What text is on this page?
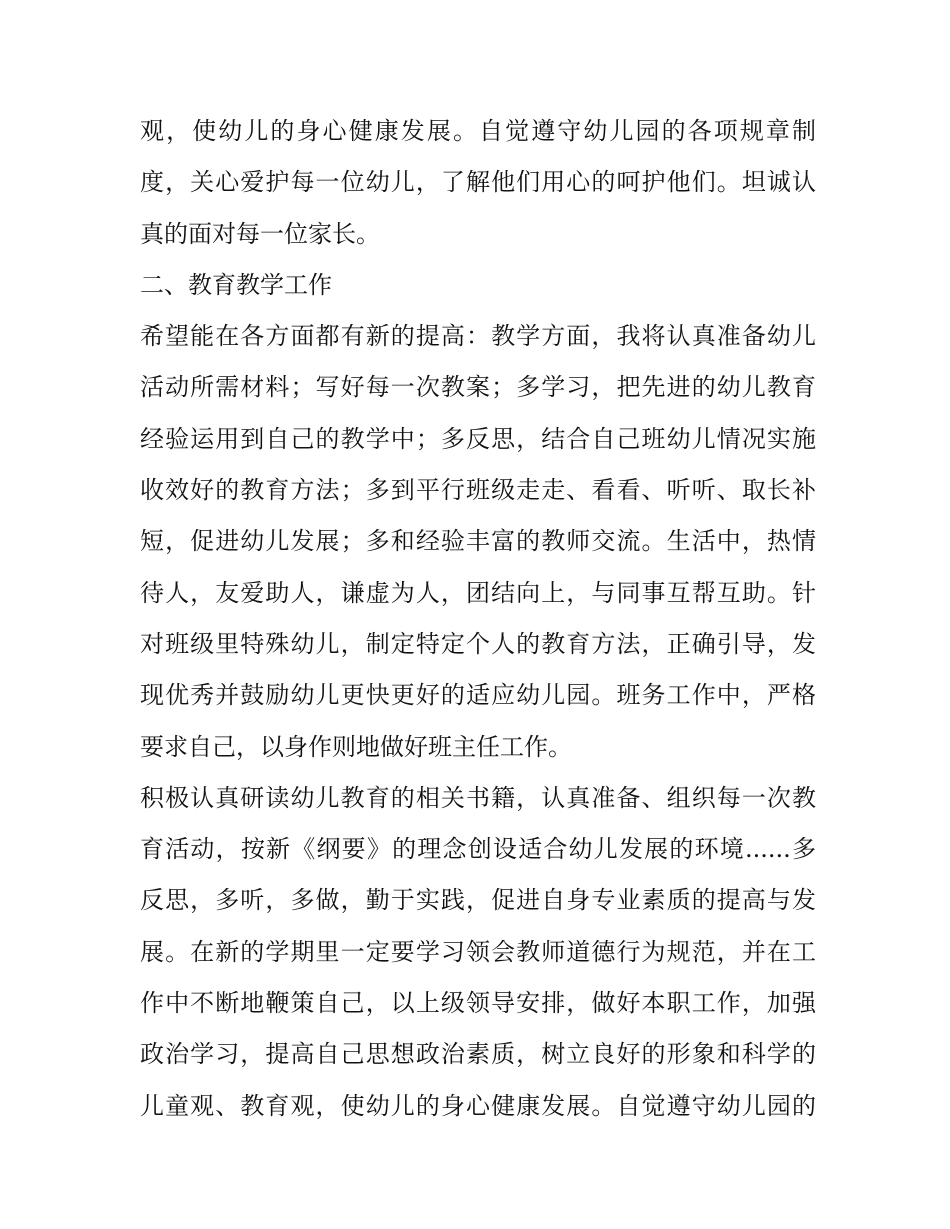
观，使幼儿的身心健康发展。自觉遵守幼儿园的各项规章制
度，关心爱护每一位幼儿，了解他们用心的呵护他们。坦诚认
真的面对每一位家长。
二、教育教学工作
希望能在各方面都有新的提高：教学方面，我将认真准备幼儿
活动所需材料；写好每一次教案；多学习，把先进的幼儿教育
经验运用到自己的教学中；多反思，结合自己班幼儿情况实施
收效好的教育方法；多到平行班级走走、看看、听听、取长补
短，促进幼儿发展；多和经验丰富的教师交流。生活中，热情
待人，友爱助人，谦虚为人，团结向上，与同事互帮互助。针
对班级里特殊幼儿，制定特定个人的教育方法，正确引导，发
现优秀并鼓励幼儿更快更好的适应幼儿园。班务工作中，严格
要求自己，以身作则地做好班主任工作。
积极认真研读幼儿教育的相关书籍，认真准备、组织每一次教
育活动，按新《纲要》的理念创设适合幼儿发展的环境......多
反思，多听，多做，勤于实践，促进自身专业素质的提高与发
展。在新的学期里一定要学习领会教师道德行为规范，并在工
作中不断地鞭策自己，以上级领导安排，做好本职工作，加强
政治学习，提高自己思想政治素质，树立良好的形象和科学的
儿童观、教育观，使幼儿的身心健康发展。自觉遵守幼儿园的
